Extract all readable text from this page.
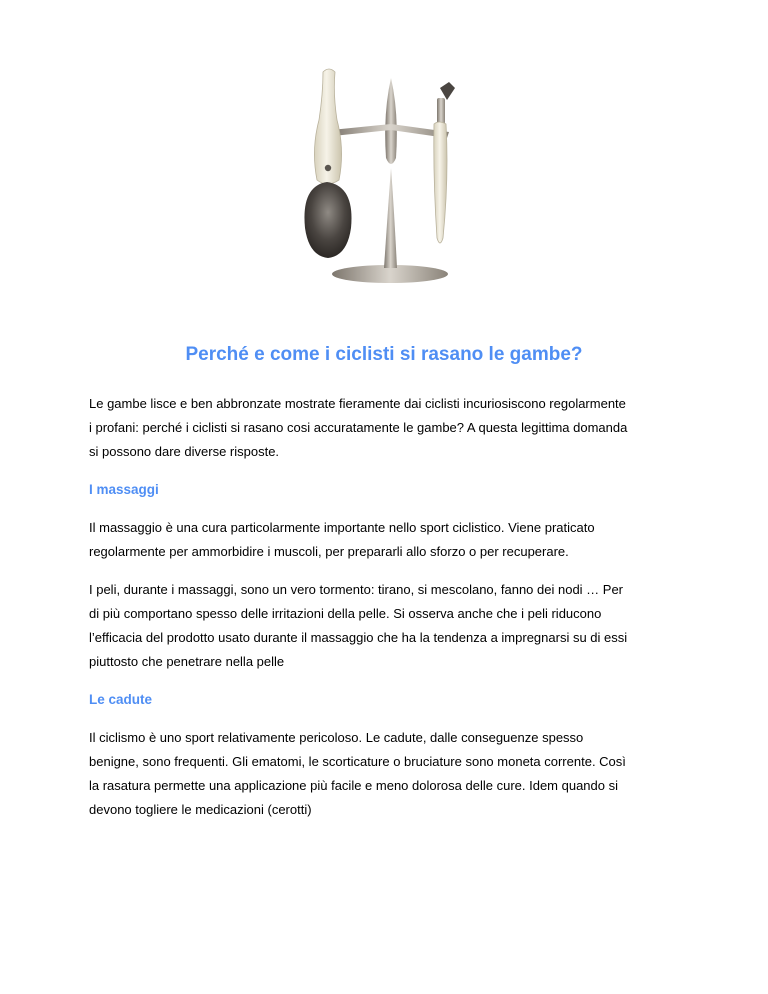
Perché e come i ciclisti si rasano le gambe?

Le gambe lisce e ben abbronzate mostrate fieramente dai ciclisti incuriosiscono regolarmente
i profani: perché i ciclisti si rasano cosi accuratamente le gambe? A questa legittima domanda
si possono dare diverse risposte.

I massaggi

Il massaggio è una cura particolarmente importante nello sport ciclistico. Viene praticato
regolarmente per ammorbidire i muscoli, per prepararli allo sforzo o per recuperare.

I peli, durante i massaggi, sono un vero tormento: tirano, si mescolano, fanno dei nodi … Per
di più comportano spesso delle irritazioni della pelle. Si osserva anche che i peli riducono
l’efficacia del prodotto usato durante il massaggio che ha la tendenza a impregnarsi su di essi
piuttosto che penetrare nella pelle

Le cadute

Il ciclismo è uno sport relativamente pericoloso. Le cadute, dalle conseguenze spesso
benigne, sono frequenti. Gli ematomi, le scorticature o bruciature sono moneta corrente. Così
la rasatura permette una applicazione più facile e meno dolorosa delle cure. Idem quando si
devono togliere le medicazioni (cerotti)
